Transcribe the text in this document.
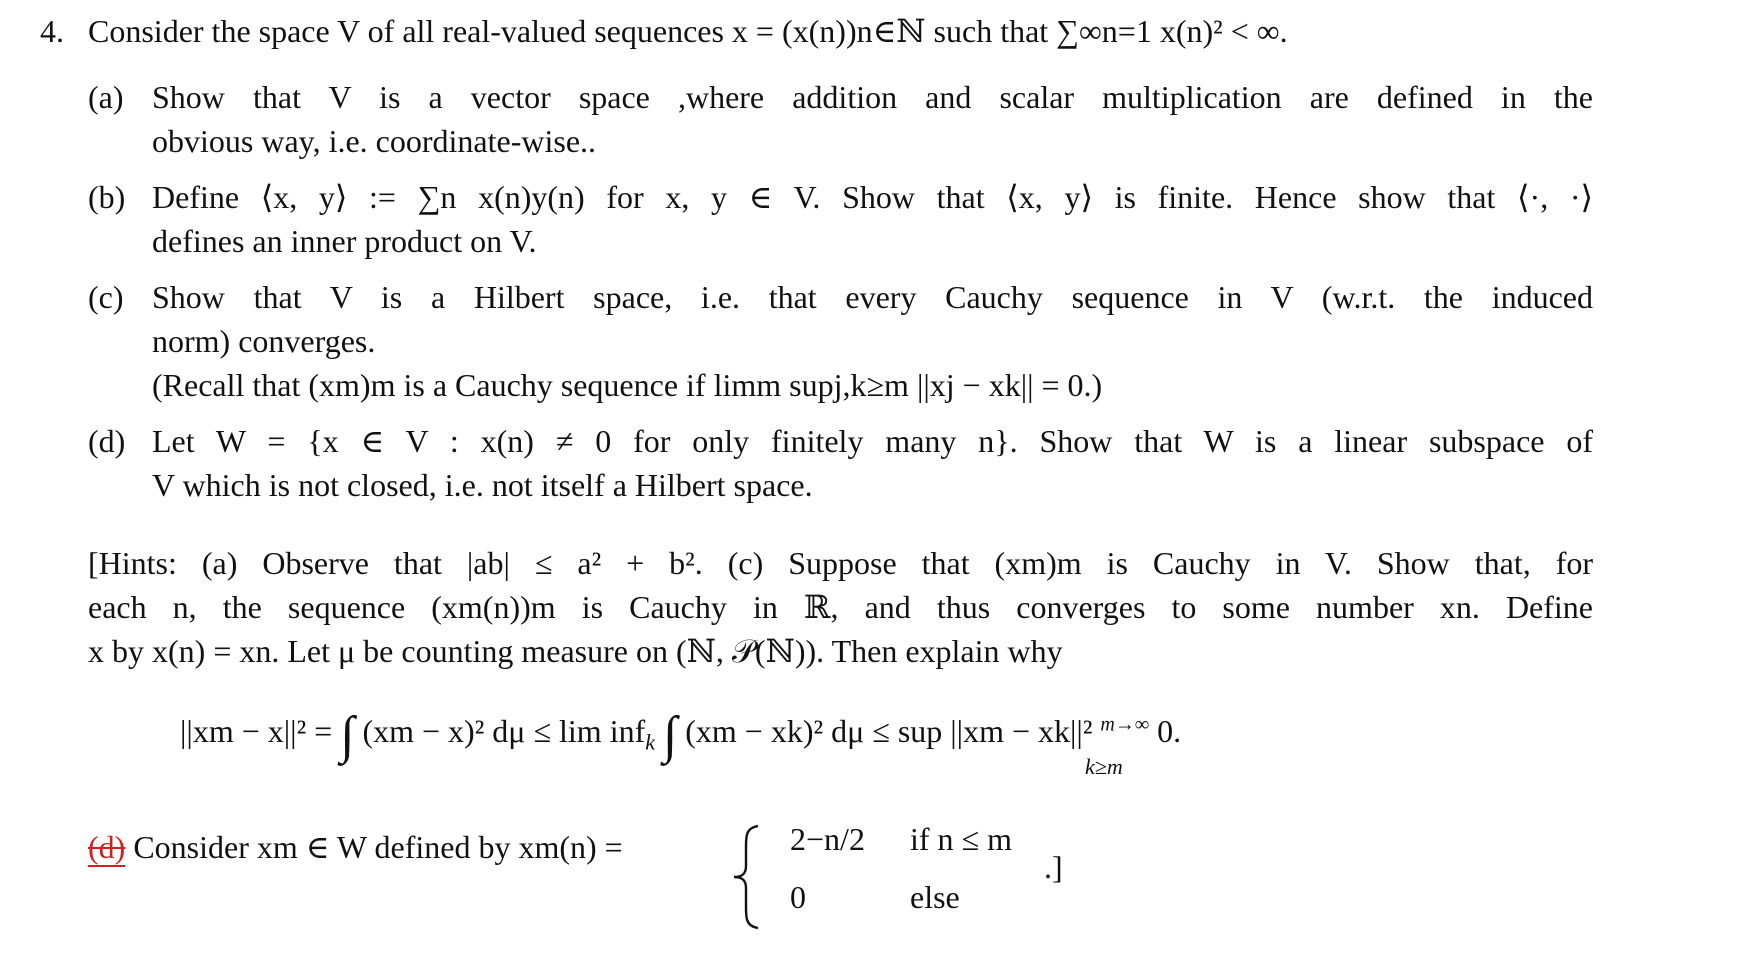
4. Consider the space V of all real-valued sequences x = (x(n))n∈ℕ such that ∑∞n=1 x(n)² < ∞.
(a) Show that V is a vector space ,where addition and scalar multiplication are defined in the
obvious way, i.e. coordinate-wise..
(b) Define ⟨x, y⟩ := ∑n x(n)y(n) for x, y ∈ V. Show that ⟨x, y⟩ is finite. Hence show that ⟨·, ·⟩
defines an inner product on V.
(c) Show that V is a Hilbert space, i.e. that every Cauchy sequence in V (w.r.t. the induced
norm) converges.
(Recall that (xm)m is a Cauchy sequence if limm supj,k≥m ||xj − xk|| = 0.)
(d) Let W = {x ∈ V : x(n) ≠ 0 for only finitely many n}. Show that W is a linear subspace of
V which is not closed, i.e. not itself a Hilbert space.
[Hints: (a) Observe that |ab| ≤ a² + b². (c) Suppose that (xm)m is Cauchy in V. Show that, for
each n, the sequence (xm(n))m is Cauchy in ℝ, and thus converges to some number xn. Define
x by x(n) = xn. Let μ be counting measure on (ℕ, 𝒫(ℕ)). Then explain why
||xm − x||² = ∫ (xm − x)² dμ ≤ lim inf$_k$ ∫ (xm − xk)² dμ ≤ sup ||xm − xk||² $^{m\to\infty}$ 0.
k≥m
(d) Consider xm ∈ W defined by xm(n) =	2−n/2 if n ≤ m
0	else
.]
